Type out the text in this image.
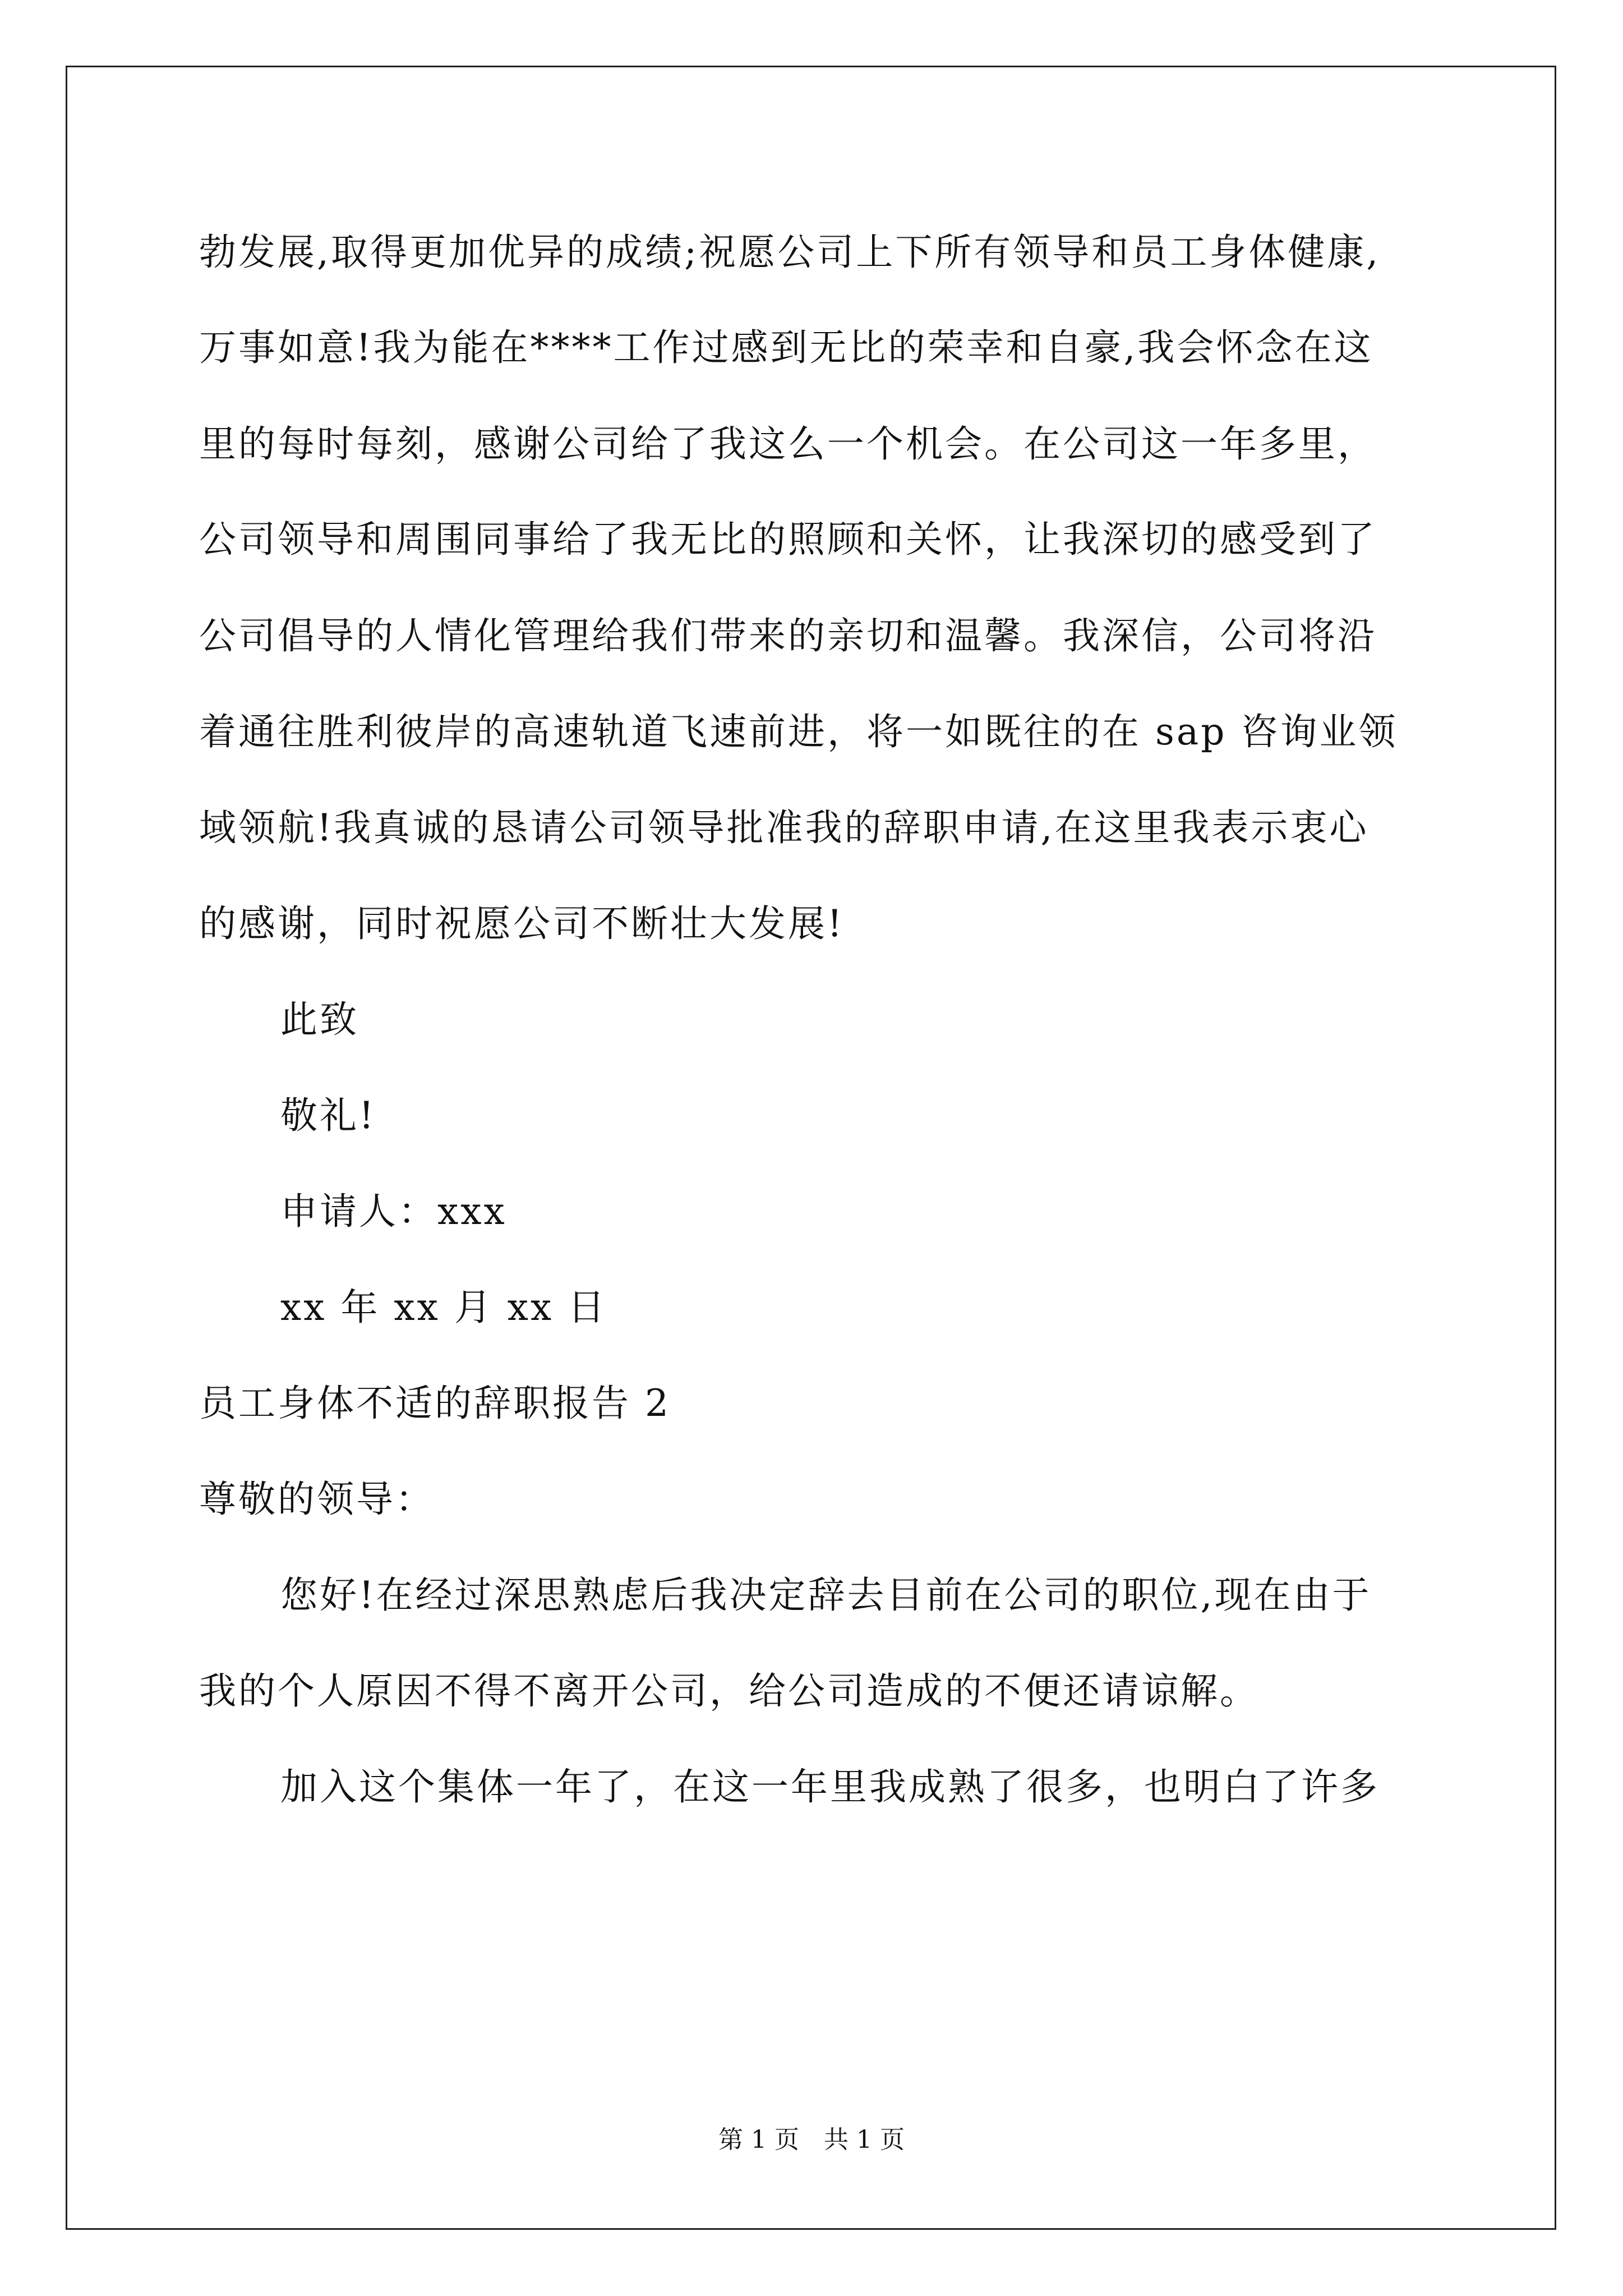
勃发展,取得更加优异的成绩;祝愿公司上下所有领导和员工身体健康,
万事如意!我为能在****工作过感到无比的荣幸和自豪,我会怀念在这
里的每时每刻，感谢公司给了我这么一个机会。在公司这一年多里，
公司领导和周围同事给了我无比的照顾和关怀，让我深切的感受到了
公司倡导的人情化管理给我们带来的亲切和温馨。我深信，公司将沿
着通往胜利彼岸的高速轨道飞速前进，将一如既往的在 sap 咨询业领
域领航!我真诚的恳请公司领导批准我的辞职申请,在这里我表示衷心
的感谢，同时祝愿公司不断壮大发展!
此致
敬礼!
申请人：xxx
xx 年 xx 月 xx 日
员工身体不适的辞职报告 2
尊敬的领导：
您好!在经过深思熟虑后我决定辞去目前在公司的职位,现在由于
我的个人原因不得不离开公司，给公司造成的不便还请谅解。
加入这个集体一年了，在这一年里我成熟了很多，也明白了许多
第 1 页　共 1 页
